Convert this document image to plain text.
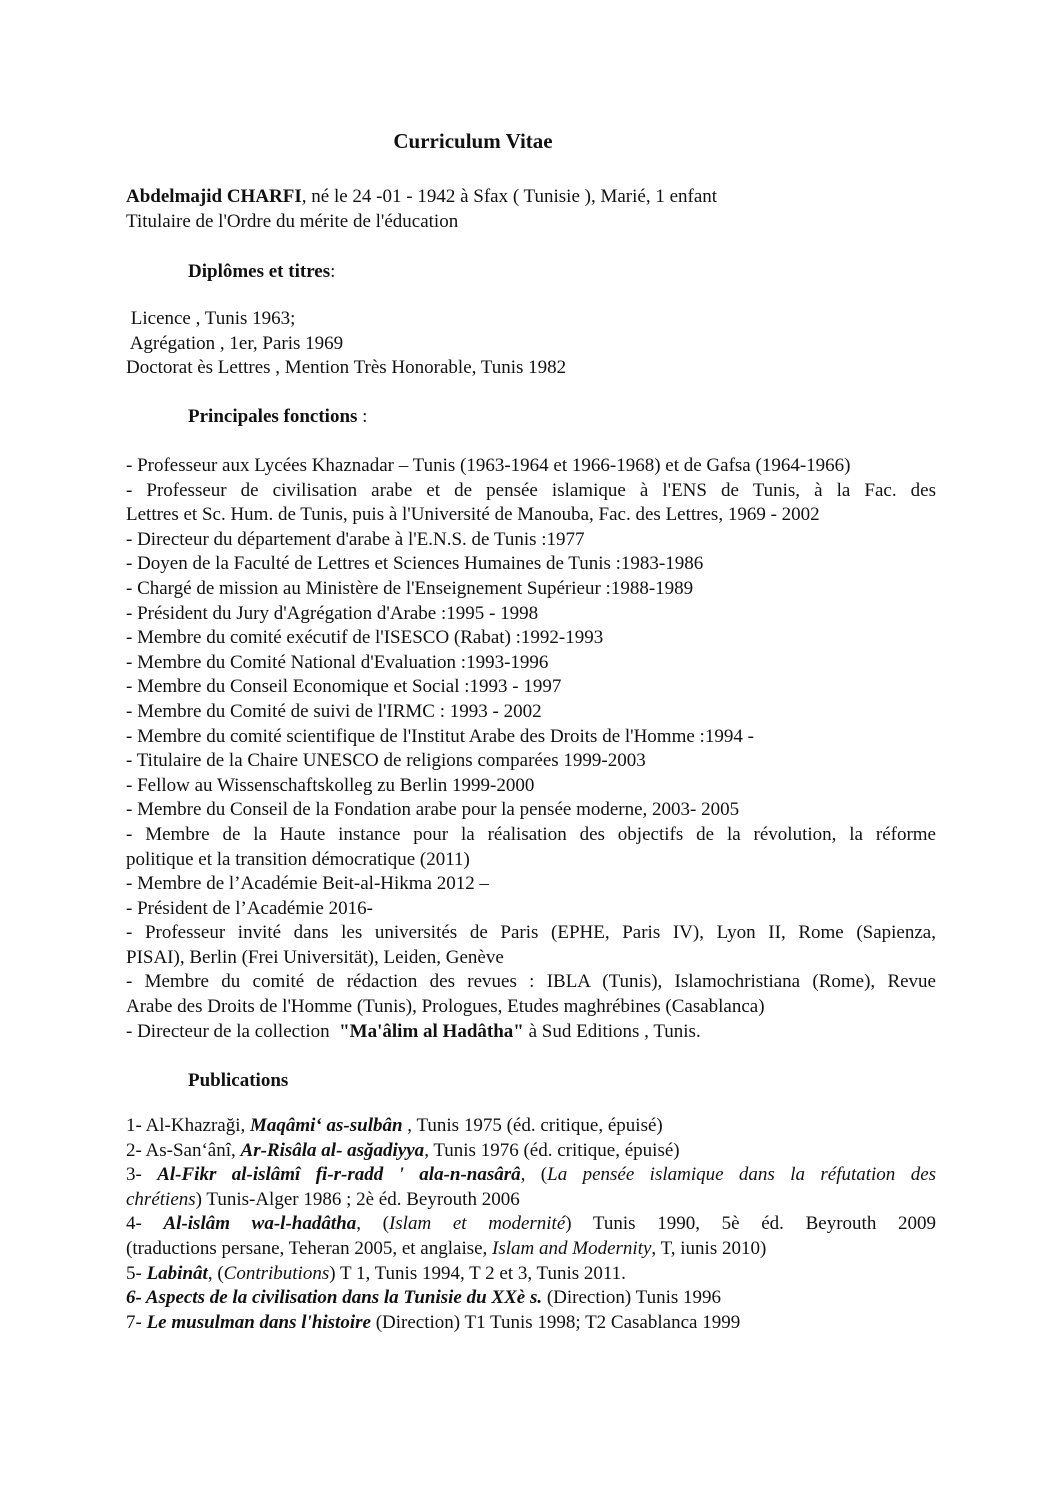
Curriculum Vitae
Abdelmajid CHARFI, né le 24 -01 - 1942 à Sfax ( Tunisie ), Marié, 1 enfant
Titulaire de l'Ordre du mérite de l'éducation
Diplômes et titres:
Licence , Tunis 1963;
Agrégation , 1er, Paris 1969
Doctorat ès Lettres , Mention Très Honorable, Tunis 1982
Principales fonctions :
- Professeur aux Lycées Khaznadar – Tunis (1963-1964 et 1966-1968) et de Gafsa (1964-1966)
- Professeur de civilisation arabe et de pensée islamique à l'ENS de Tunis, à la Fac. des
Lettres et Sc. Hum. de Tunis, puis à l'Université de Manouba, Fac. des Lettres, 1969 - 2002
- Directeur du département d'arabe à l'E.N.S. de Tunis :1977
- Doyen de la Faculté de Lettres et Sciences Humaines de Tunis :1983-1986
- Chargé de mission au Ministère de l'Enseignement Supérieur :1988-1989
- Président du Jury d'Agrégation d'Arabe :1995 - 1998
- Membre du comité exécutif de l'ISESCO (Rabat) :1992-1993
- Membre du Comité National d'Evaluation :1993-1996
- Membre du Conseil Economique et Social :1993 - 1997
- Membre du Comité de suivi de l'IRMC : 1993 - 2002
- Membre du comité scientifique de l'Institut Arabe des Droits de l'Homme :1994 -
- Titulaire de la Chaire UNESCO de religions comparées 1999-2003
- Fellow au Wissenschaftskolleg zu Berlin 1999-2000
- Membre du Conseil de la Fondation arabe pour la pensée moderne, 2003- 2005
- Membre de la Haute instance pour la réalisation des objectifs de la révolution, la réforme
politique et la transition démocratique (2011)
- Membre de l’Académie Beit-al-Hikma 2012 –
- Président de l’Académie 2016-
- Professeur invité dans les universités de Paris (EPHE, Paris IV), Lyon II, Rome (Sapienza,
PISAI), Berlin (Frei Universität), Leiden, Genève
- Membre du comité de rédaction des revues : IBLA (Tunis), Islamochristiana (Rome), Revue
Arabe des Droits de l'Homme (Tunis), Prologues, Etudes maghrébines (Casablanca)
- Directeur de la collection  "Ma'âlim al Hadâtha" à Sud Editions , Tunis.
Publications
1- Al-Khazraği, Maqâmi‘ as-sulbân , Tunis 1975 (éd. critique, épuisé)
2- As-San‘ânî, Ar-Risâla al- asğadiyya, Tunis 1976 (éd. critique, épuisé)
3- Al-Fikr al-islâmî fi-r-radd ' ala-n-nasârâ, (La pensée islamique dans la réfutation des
chrétiens) Tunis-Alger 1986 ; 2è éd. Beyrouth 2006
4- Al-islâm wa-l-hadâtha, (Islam et modernité) Tunis 1990, 5è éd. Beyrouth 2009
(traductions persane, Teheran 2005, et anglaise, Islam and Modernity, T, iunis 2010)
5- Labinât, (Contributions) T 1, Tunis 1994, T 2 et 3, Tunis 2011.
6- Aspects de la civilisation dans la Tunisie du XXè s. (Direction) Tunis 1996
7- Le musulman dans l'histoire (Direction) T1 Tunis 1998; T2 Casablanca 1999
